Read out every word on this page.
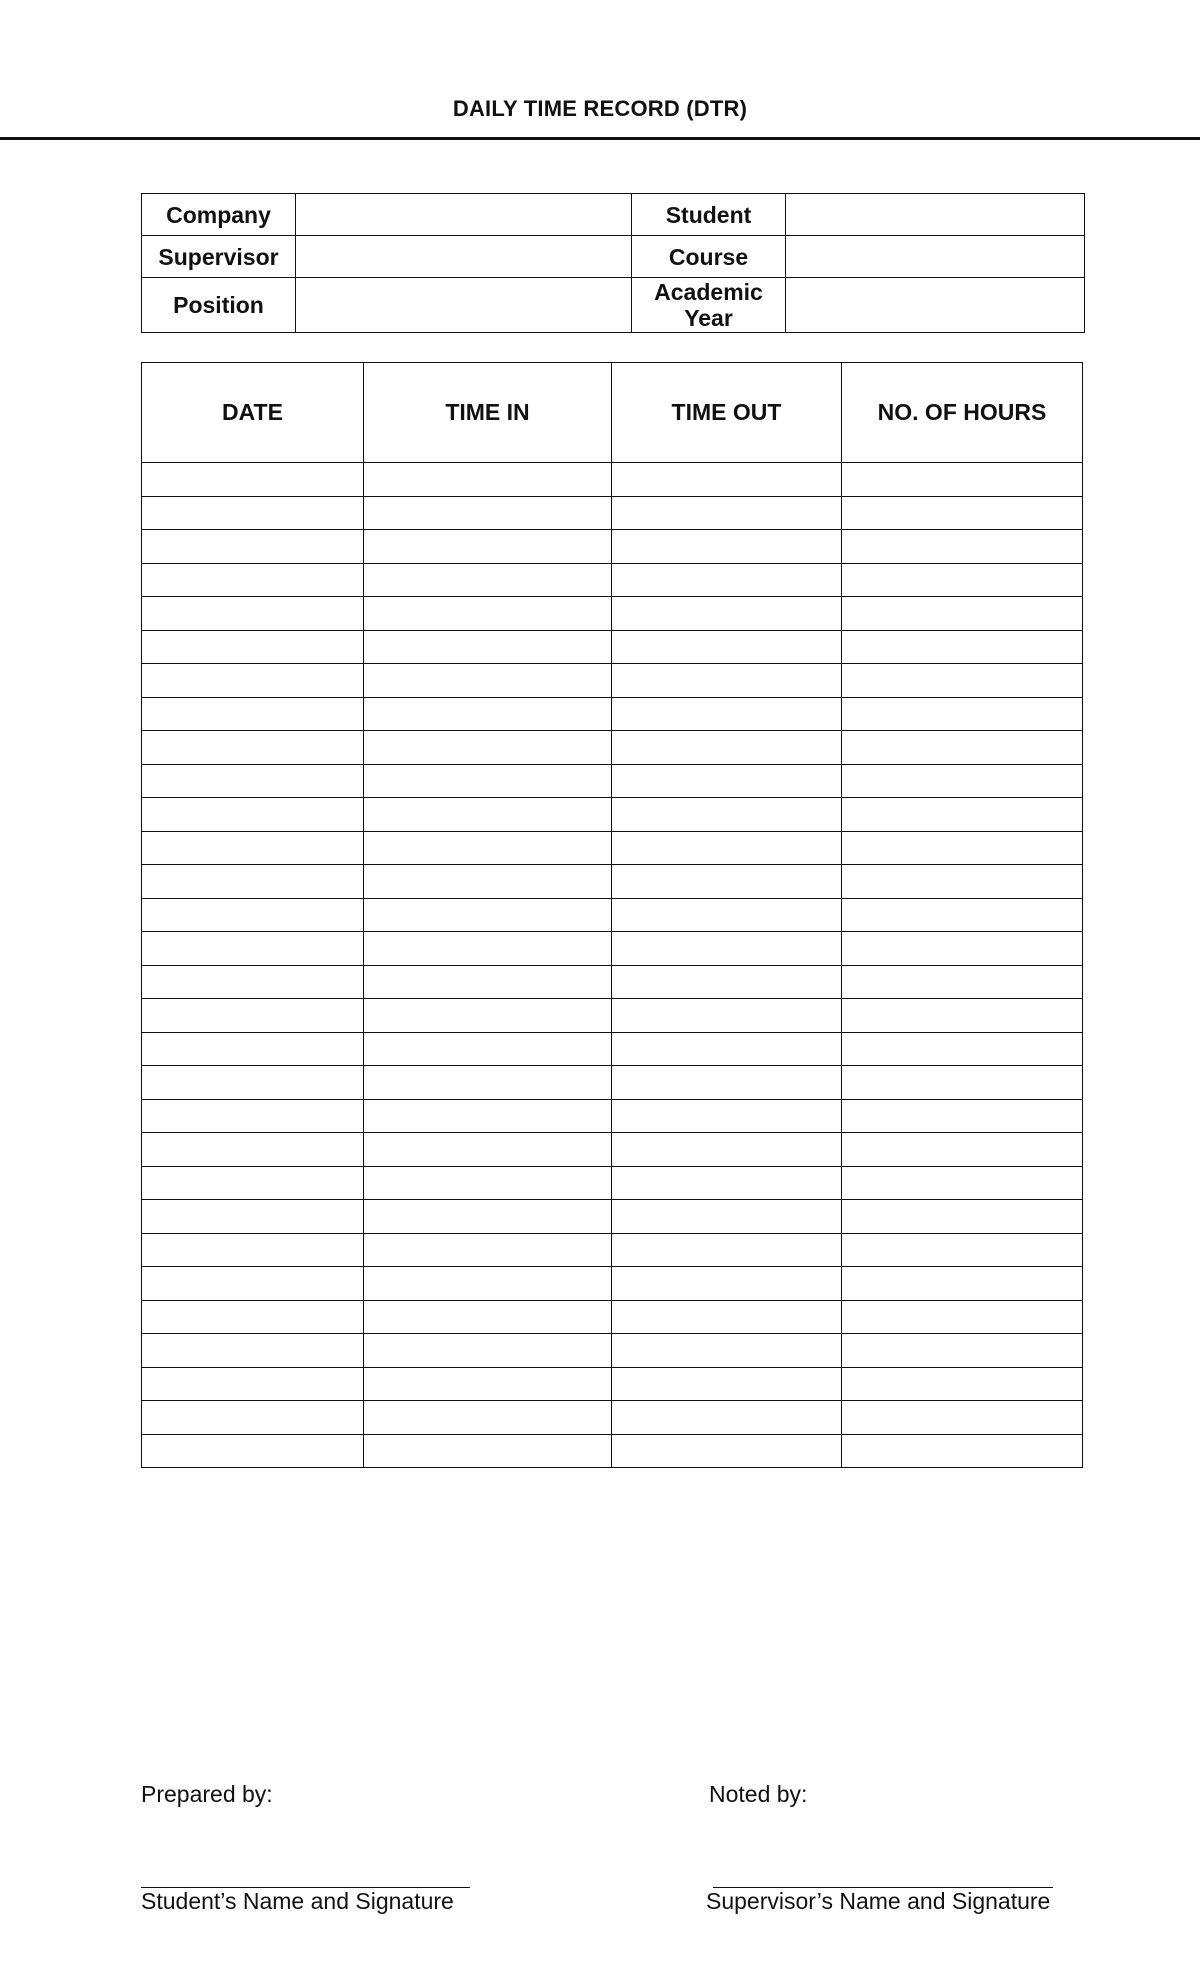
DAILY TIME RECORD (DTR)
Company		Student	
Supervisor		Course	
Position		Academic
Year	
DATE	TIME IN	TIME OUT	NO. OF HOURS

Prepared by:	Noted by:
Student’s Name and Signature	Supervisor’s Name and Signature
